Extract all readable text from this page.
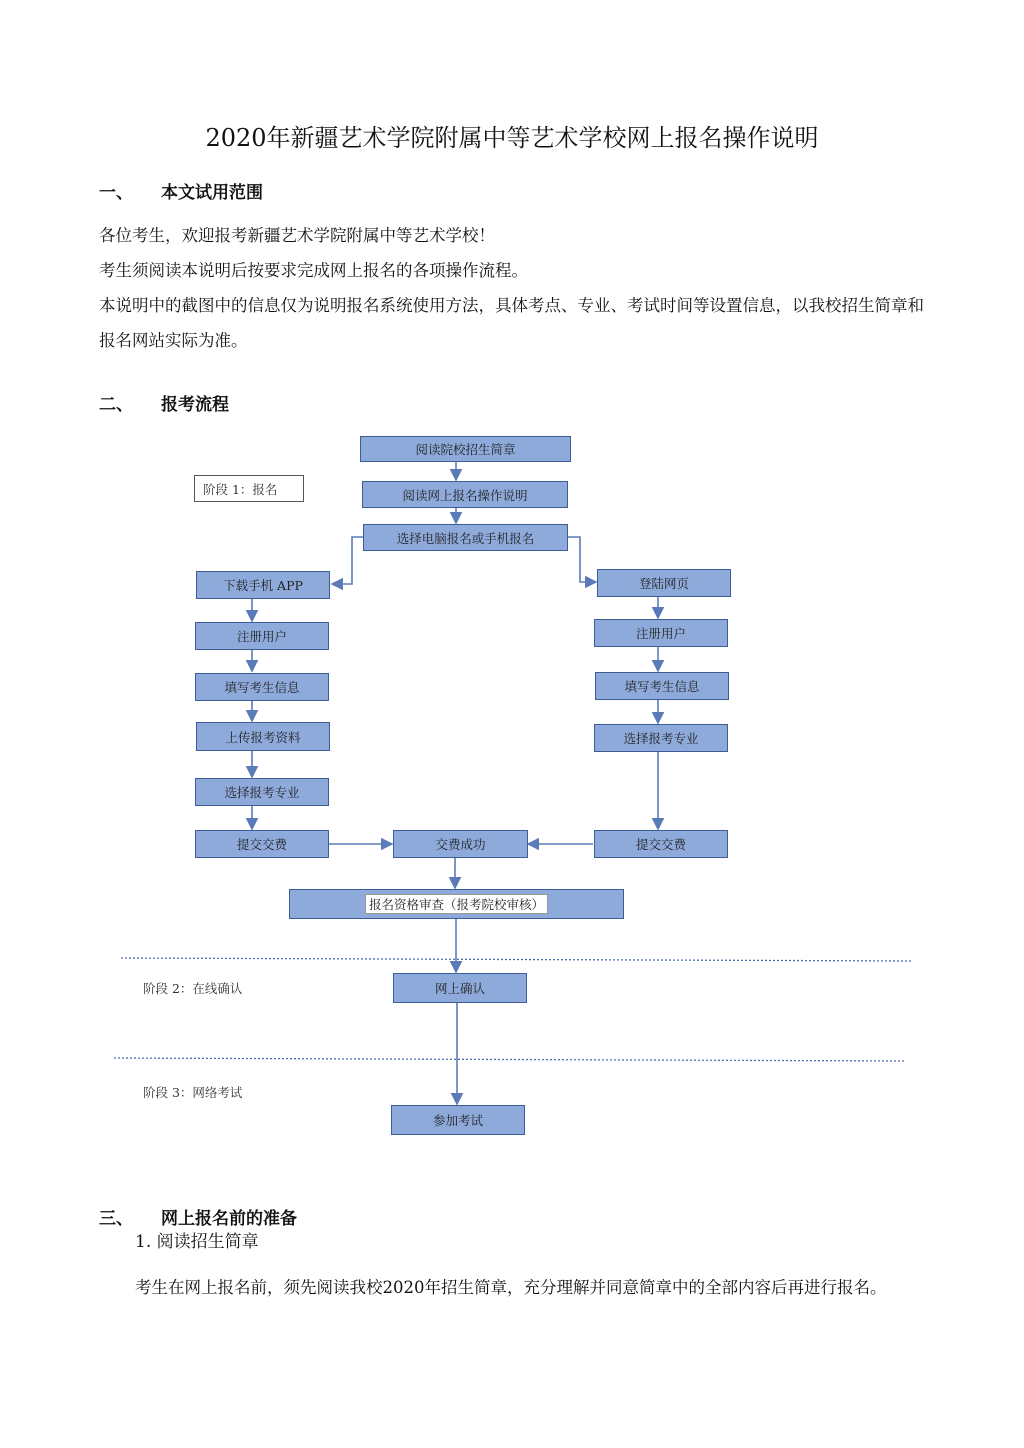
2020年新疆艺术学院附属中等艺术学校网上报名操作说明
一、 本文试用范围
各位考生，欢迎报考新疆艺术学院附属中等艺术学校！
考生须阅读本说明后按要求完成网上报名的各项操作流程。
本说明中的截图中的信息仅为说明报名系统使用方法，具体考点、专业、考试时间等设置信息，以我校招生简章和报名网站实际为准。
二、 报考流程
阶段 1：报名
阶段 2：在线确认
阶段 3：网络考试
阅读院校招生简章
阅读网上报名操作说明
选择电脑报名或手机报名
下载手机 APP
注册用户
填写考生信息
上传报考资料
选择报考专业
提交交费
登陆网页
注册用户
填写考生信息
选择报考专业
提交交费
交费成功
报名资格审查（报考院校审核）
网上确认
参加考试
三、 网上报名前的准备
1. 阅读招生简章
考生在网上报名前，须先阅读我校2020年招生简章，充分理解并同意简章中的全部内容后再进行报名。
